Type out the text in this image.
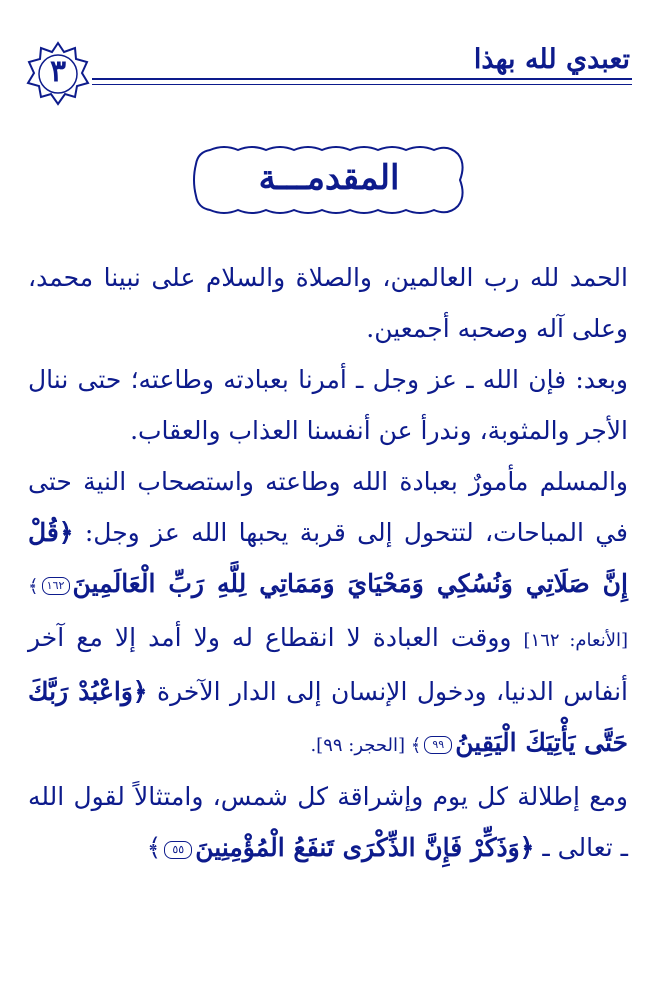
تعبدي لله بهذا
٣
المقدمـــة

الحمد لله رب العالمين، والصلاة والسلام على نبينا محمد، وعلى آله وصحبه أجمعين.

وبعد: فإن الله ـ عز وجل ـ أمرنا بعبادته وطاعته؛ حتى ننال الأجر والمثوبة، وندرأ عن أنفسنا العذاب والعقاب.

والمسلم مأمورٌ بعبادة الله وطاعته واستصحاب النية حتى في المباحات، لتتحول إلى قربة يحبها الله عز وجل: ﴿قُلْ إِنَّ صَلَاتِي وَنُسُكِي وَمَحْيَايَ وَمَمَاتِي لِلَّهِ رَبِّ الْعَالَمِينَ١٦٢﴾ [الأنعام: ١٦٢] ووقت العبادة لا انقطاع له ولا أمد إلا مع آخر أنفاس الدنيا، ودخول الإنسان إلى الدار الآخرة ﴿وَاعْبُدْ رَبَّكَ حَتَّى يَأْتِيَكَ الْيَقِينُ٩٩﴾ [الحجر: ٩٩].

ومع إطلالة كل يوم وإشراقة كل شمس، وامتثالاً لقول الله ـ تعالى ـ ﴿وَذَكِّرْ فَإِنَّ الذِّكْرَى تَنفَعُ الْمُؤْمِنِينَ٥٥﴾
